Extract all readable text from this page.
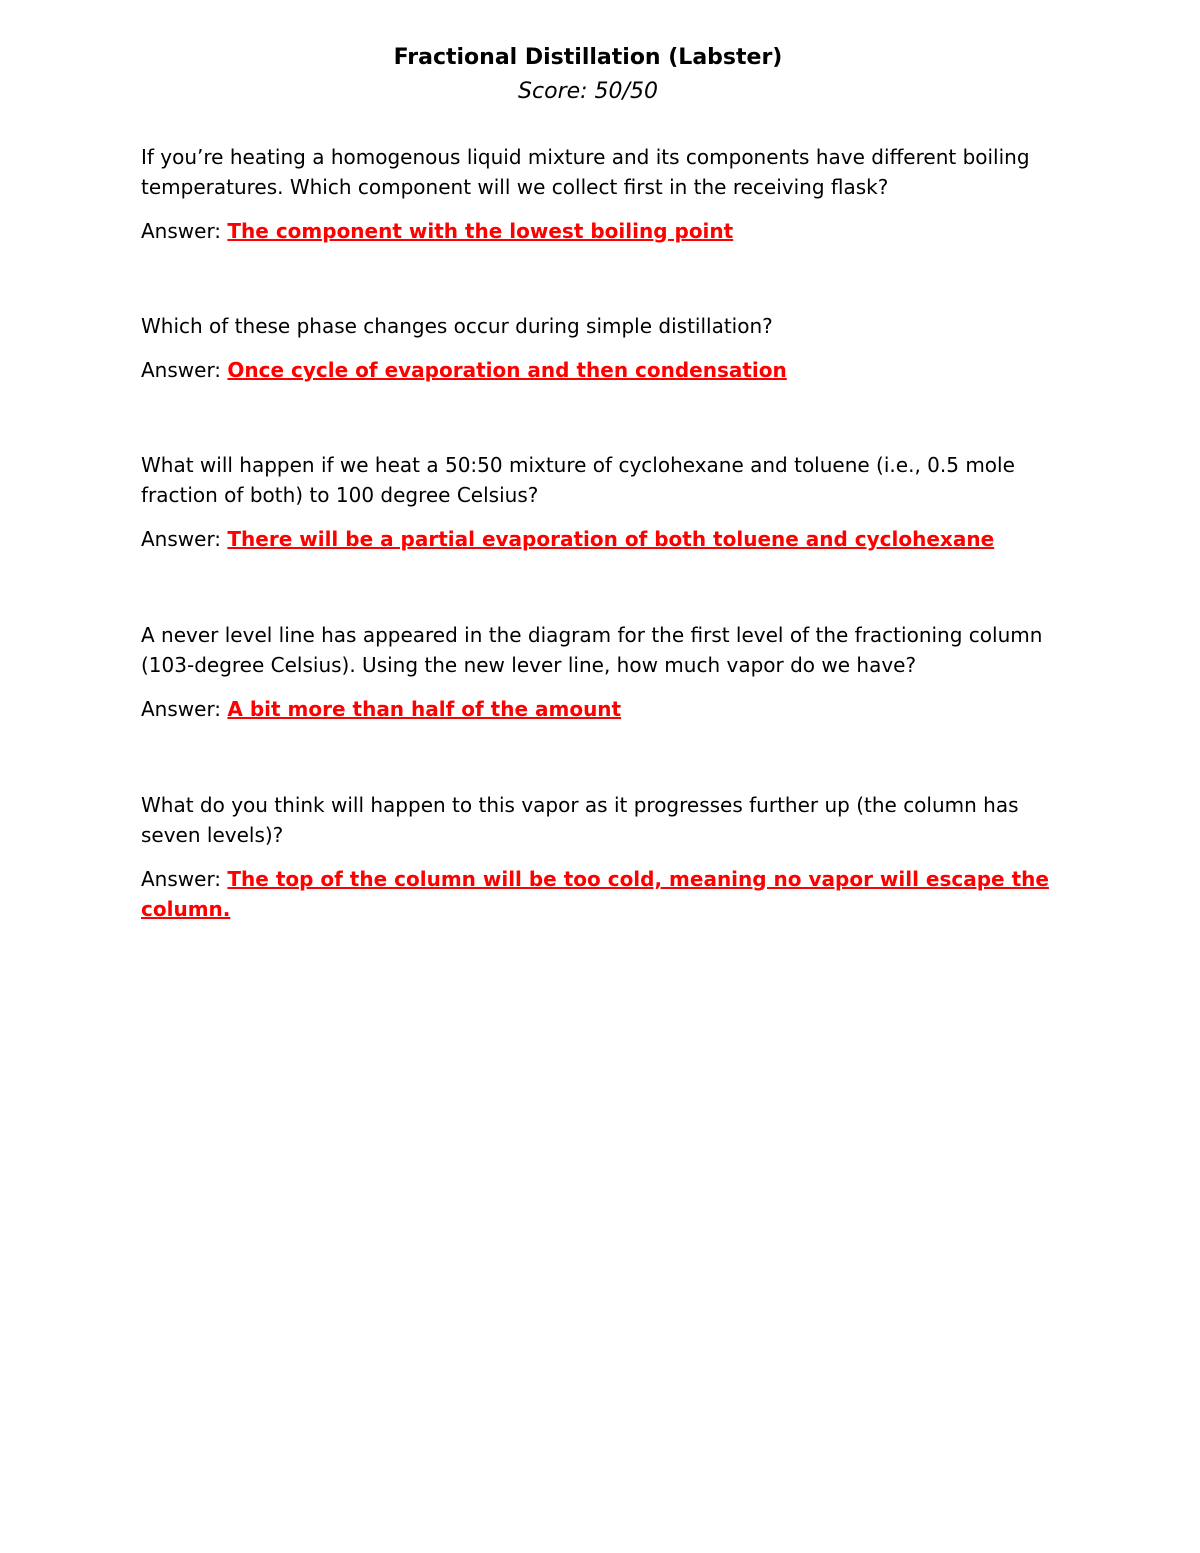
Fractional Distillation (Labster)
Score: 50/50

If you’re heating a homogenous liquid mixture and its components have different boiling temperatures. Which component will we collect first in the receiving flask?

Answer: The component with the lowest boiling point

Which of these phase changes occur during simple distillation?

Answer: Once cycle of evaporation and then condensation

What will happen if we heat a 50:50 mixture of cyclohexane and toluene (i.e., 0.5 mole fraction of both) to 100 degree Celsius?

Answer: There will be a partial evaporation of both toluene and cyclohexane

A never level line has appeared in the diagram for the first level of the fractioning column (103-degree Celsius). Using the new lever line, how much vapor do we have?

Answer: A bit more than half of the amount

What do you think will happen to this vapor as it progresses further up (the column has seven levels)?

Answer: The top of the column will be too cold, meaning no vapor will escape the column.
